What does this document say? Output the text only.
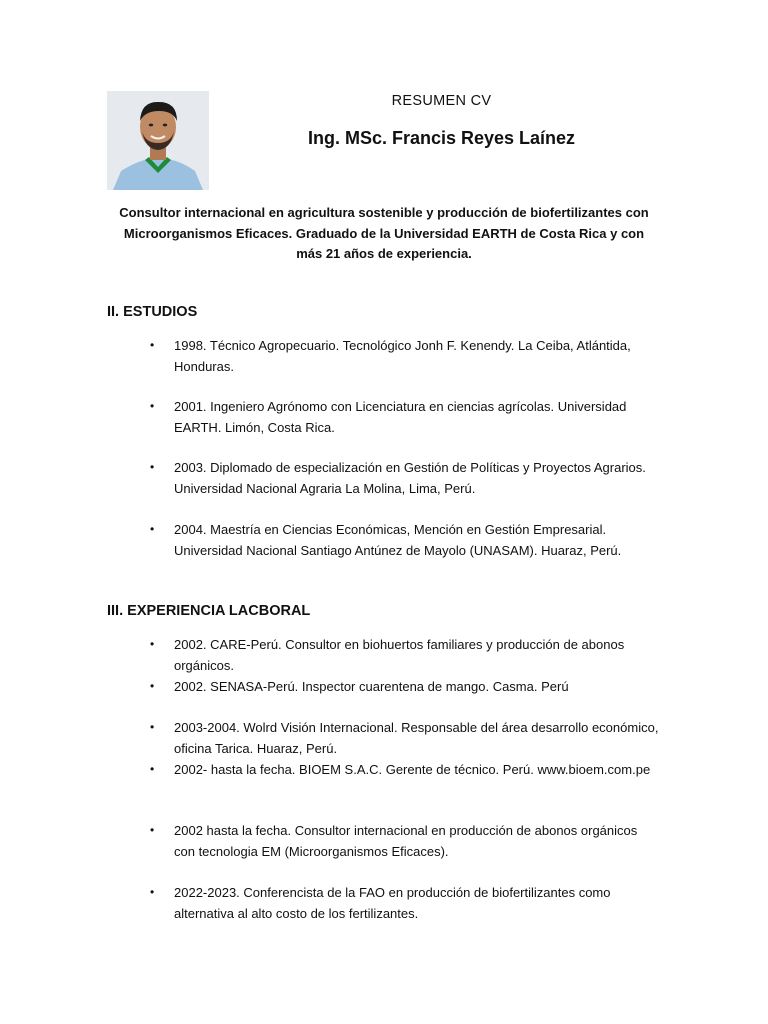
RESUMEN CV
Ing. MSc. Francis Reyes Laínez
Consultor internacional en agricultura sostenible y producción de biofertilizantes con Microorganismos Eficaces. Graduado de la Universidad EARTH de Costa Rica y con más 21 años de experiencia.
II. ESTUDIOS
•	1998. Técnico Agropecuario. Tecnológico Jonh F. Kenendy. La Ceiba, Atlántida, Honduras.
•	2001. Ingeniero Agrónomo con Licenciatura en ciencias agrícolas. Universidad EARTH. Limón, Costa Rica.
•	2003. Diplomado de especialización en Gestión de Políticas y Proyectos Agrarios. Universidad Nacional Agraria La Molina, Lima, Perú.
•	2004. Maestría en Ciencias Económicas, Mención en Gestión Empresarial. Universidad Nacional Santiago Antúnez de Mayolo (UNASAM). Huaraz, Perú.
III. EXPERIENCIA LACBORAL
•	2002. CARE-Perú. Consultor en biohuertos familiares y producción de abonos orgánicos.
•	2002. SENASA-Perú. Inspector cuarentena de mango. Casma. Perú
•	2003-2004. Wolrd Visión Internacional. Responsable del área desarrollo económico, oficina Tarica. Huaraz, Perú.
•	2002- hasta la fecha. BIOEM S.A.C. Gerente de técnico. Perú. www.bioem.com.pe
•	2002 hasta la fecha. Consultor internacional en producción de abonos orgánicos con tecnologia EM (Microorganismos Eficaces).
•	2022-2023. Conferencista de la FAO en producción de biofertilizantes como alternativa al alto costo de los fertilizantes.
